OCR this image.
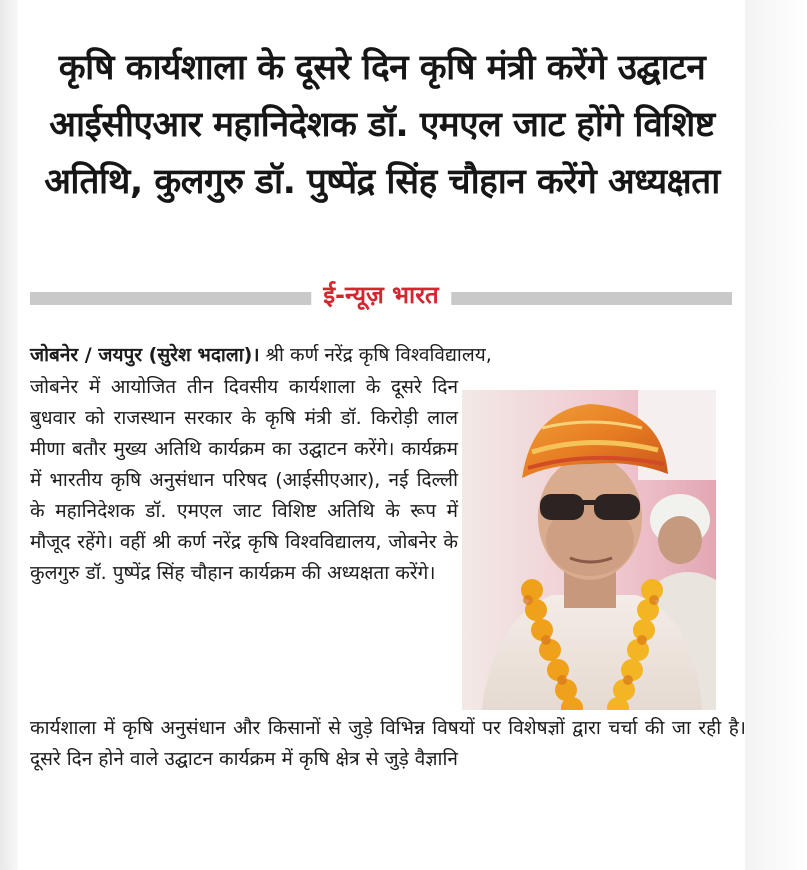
कृषि कार्यशाला के दूसरे दिन कृषि मंत्री करेंगे उद्घाटन आईसीएआर महानिदेशक डॉ. एमएल जाट होंगे विशिष्ट अतिथि, कुलगुरु डॉ. पुष्पेंद्र सिंह चौहान करेंगे अध्यक्षता
ई-न्यूज़ भारत

जोबनेर / जयपुर (सुरेश भदाला)। श्री कर्ण नरेंद्र कृषि विश्वविद्यालय,

जोबनेर में आयोजित तीन दिवसीय कार्यशाला के दूसरे दिन बुधवार को राजस्थान सरकार के कृषि मंत्री डॉ. किरोड़ी लाल मीणा बतौर मुख्य अतिथि कार्यक्रम का उद्घाटन करेंगे। कार्यक्रम में भारतीय कृषि अनुसंधान परिषद (आईसीएआर), नई दिल्ली के महानिदेशक डॉ. एमएल जाट विशिष्ट अतिथि के रूप में मौजूद रहेंगे। वहीं श्री कर्ण नरेंद्र कृषि विश्वविद्यालय, जोबनेर के कुलगुरु डॉ. पुष्पेंद्र सिंह चौहान कार्यक्रम की अध्यक्षता करेंगे।

कार्यशाला में कृषि अनुसंधान और किसानों से जुड़े विभिन्न विषयों पर विशेषज्ञों द्वारा चर्चा की जा रही है। दूसरे दिन होने वाले उद्घाटन कार्यक्रम में कृषि क्षेत्र से जुड़े वैज्ञानि
